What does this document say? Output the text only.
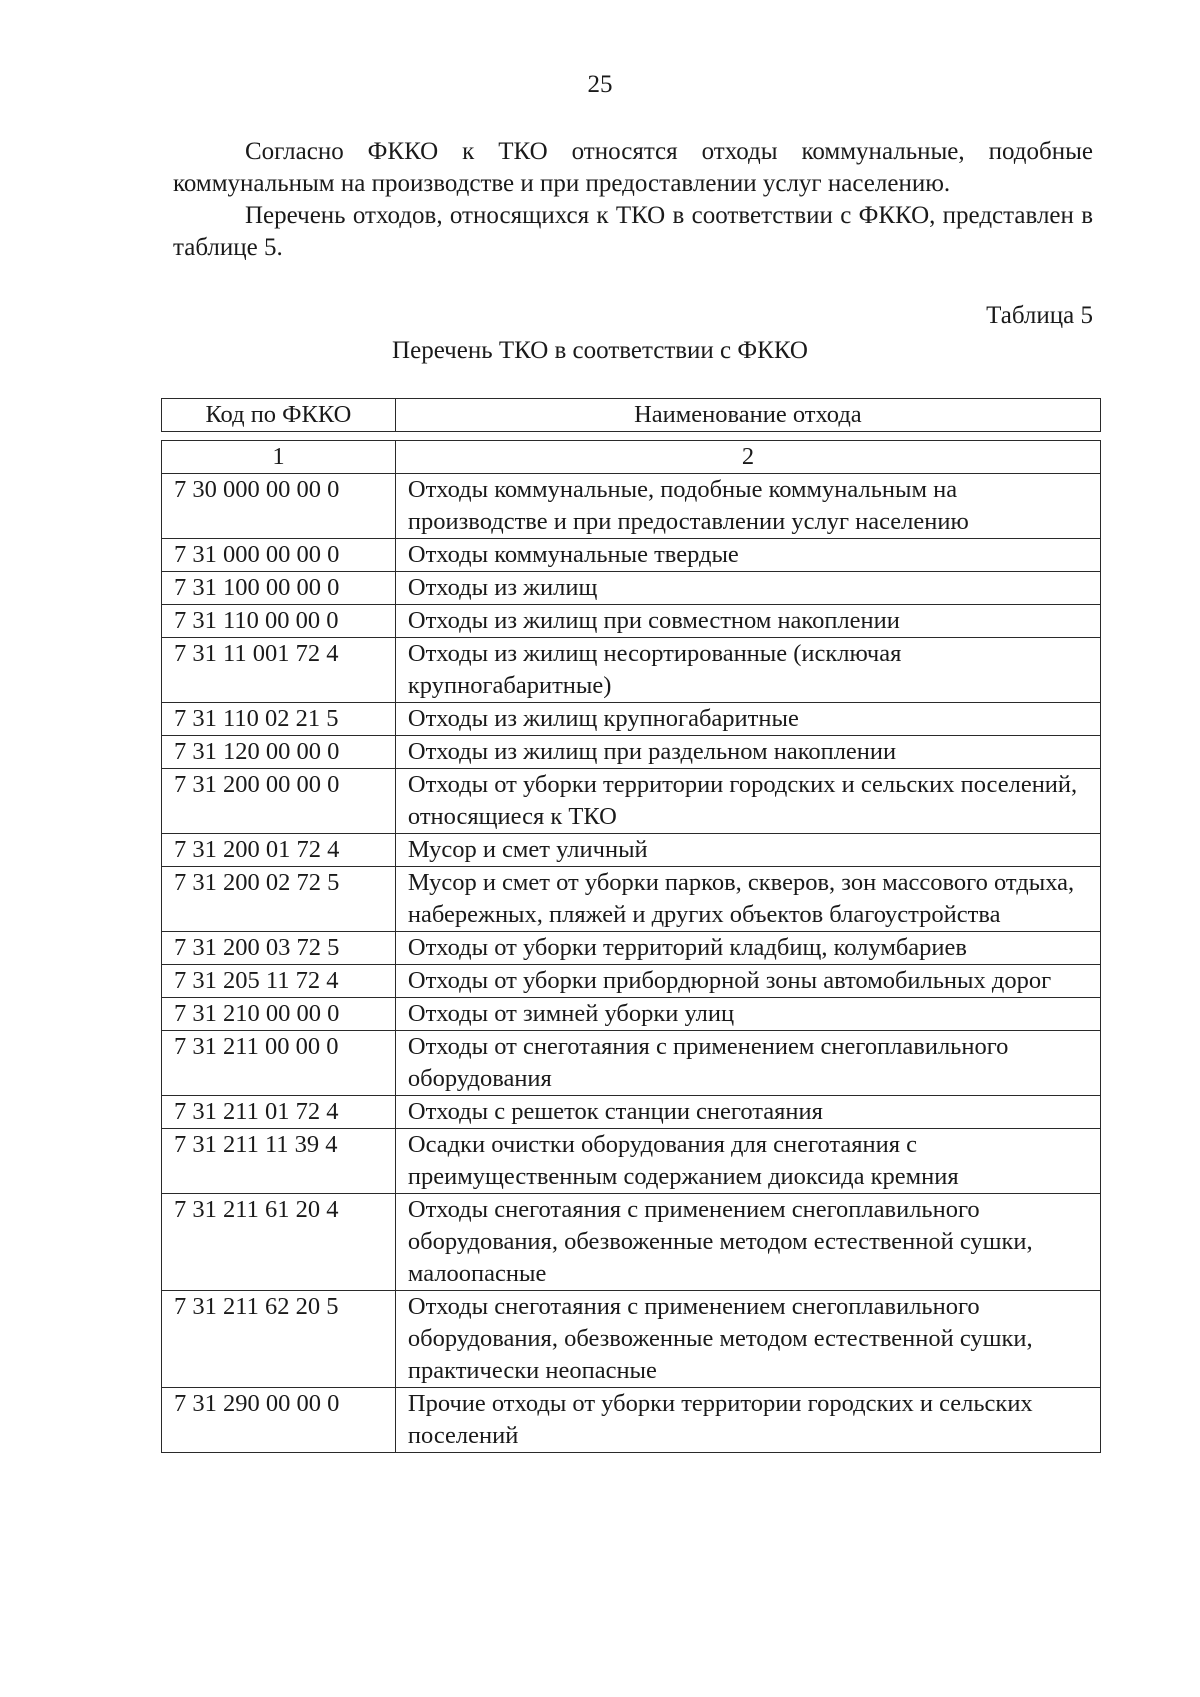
25

Согласно ФККО к ТКО относятся отходы коммунальные, подобные коммунальным на производстве и при предоставлении услуг населению.

Перечень отходов, относящихся к ТКО в соответствии с ФККО, представлен в таблице 5.

Таблица 5
Перечень ТКО в соответствии с ФККО
Код по ФККО	Наименование отхода
1	2
7 30 000 00 00 0	Отходы коммунальные, подобные коммунальным на производстве и при предоставлении услуг населению
7 31 000 00 00 0	Отходы коммунальные твердые
7 31 100 00 00 0	Отходы из жилищ
7 31 110 00 00 0	Отходы из жилищ при совместном накоплении
7 31 11 001 72 4	Отходы из жилищ несортированные (исключая крупногабаритные)
7 31 110 02 21 5	Отходы из жилищ крупногабаритные
7 31 120 00 00 0	Отходы из жилищ при раздельном накоплении
7 31 200 00 00 0	Отходы от уборки территории городских и сельских поселений, относящиеся к ТКО
7 31 200 01 72 4	Мусор и смет уличный
7 31 200 02 72 5	Мусор и смет от уборки парков, скверов, зон массового отдыха, набережных, пляжей и других объектов благоустройства
7 31 200 03 72 5	Отходы от уборки территорий кладбищ, колумбариев
7 31 205 11 72 4	Отходы от уборки прибордюрной зоны автомобильных дорог
7 31 210 00 00 0	Отходы от зимней уборки улиц
7 31 211 00 00 0	Отходы от снеготаяния с применением снегоплавильного оборудования
7 31 211 01 72 4	Отходы с решеток станции снеготаяния
7 31 211 11 39 4	Осадки очистки оборудования для снеготаяния с преимущественным содержанием диоксида кремния
7 31 211 61 20 4	Отходы снеготаяния с применением снегоплавильного оборудования, обезвоженные методом естественной сушки, малоопасные
7 31 211 62 20 5	Отходы снеготаяния с применением снегоплавильного оборудования, обезвоженные методом естественной сушки, практически неопасные
7 31 290 00 00 0	Прочие отходы от уборки территории городских и сельских поселений
